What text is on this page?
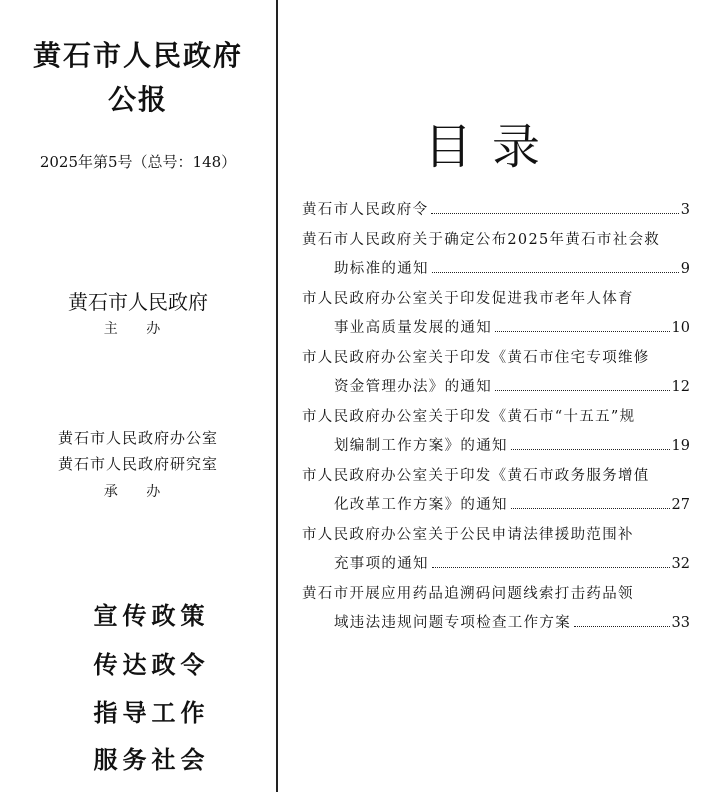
黄石市人民政府
公报
2025年第5号（总号：148）
黄石市人民政府
主 办
黄石市人民政府办公室
黄石市人民政府研究室
承 办
宣传政策
传达政令
指导工作
服务社会
目录
黄石市人民政府令	3
黄石市人民政府关于确定公布2025年黄石市社会救
助标准的通知	9
市人民政府办公室关于印发促进我市老年人体育
事业高质量发展的通知	10
市人民政府办公室关于印发《黄石市住宅专项维修
资金管理办法》的通知	12
市人民政府办公室关于印发《黄石市“十五五”规
划编制工作方案》的通知	19
市人民政府办公室关于印发《黄石市政务服务增值
化改革工作方案》的通知	27
市人民政府办公室关于公民申请法律援助范围补
充事项的通知	32
黄石市开展应用药品追溯码问题线索打击药品领
域违法违规问题专项检查工作方案	33
